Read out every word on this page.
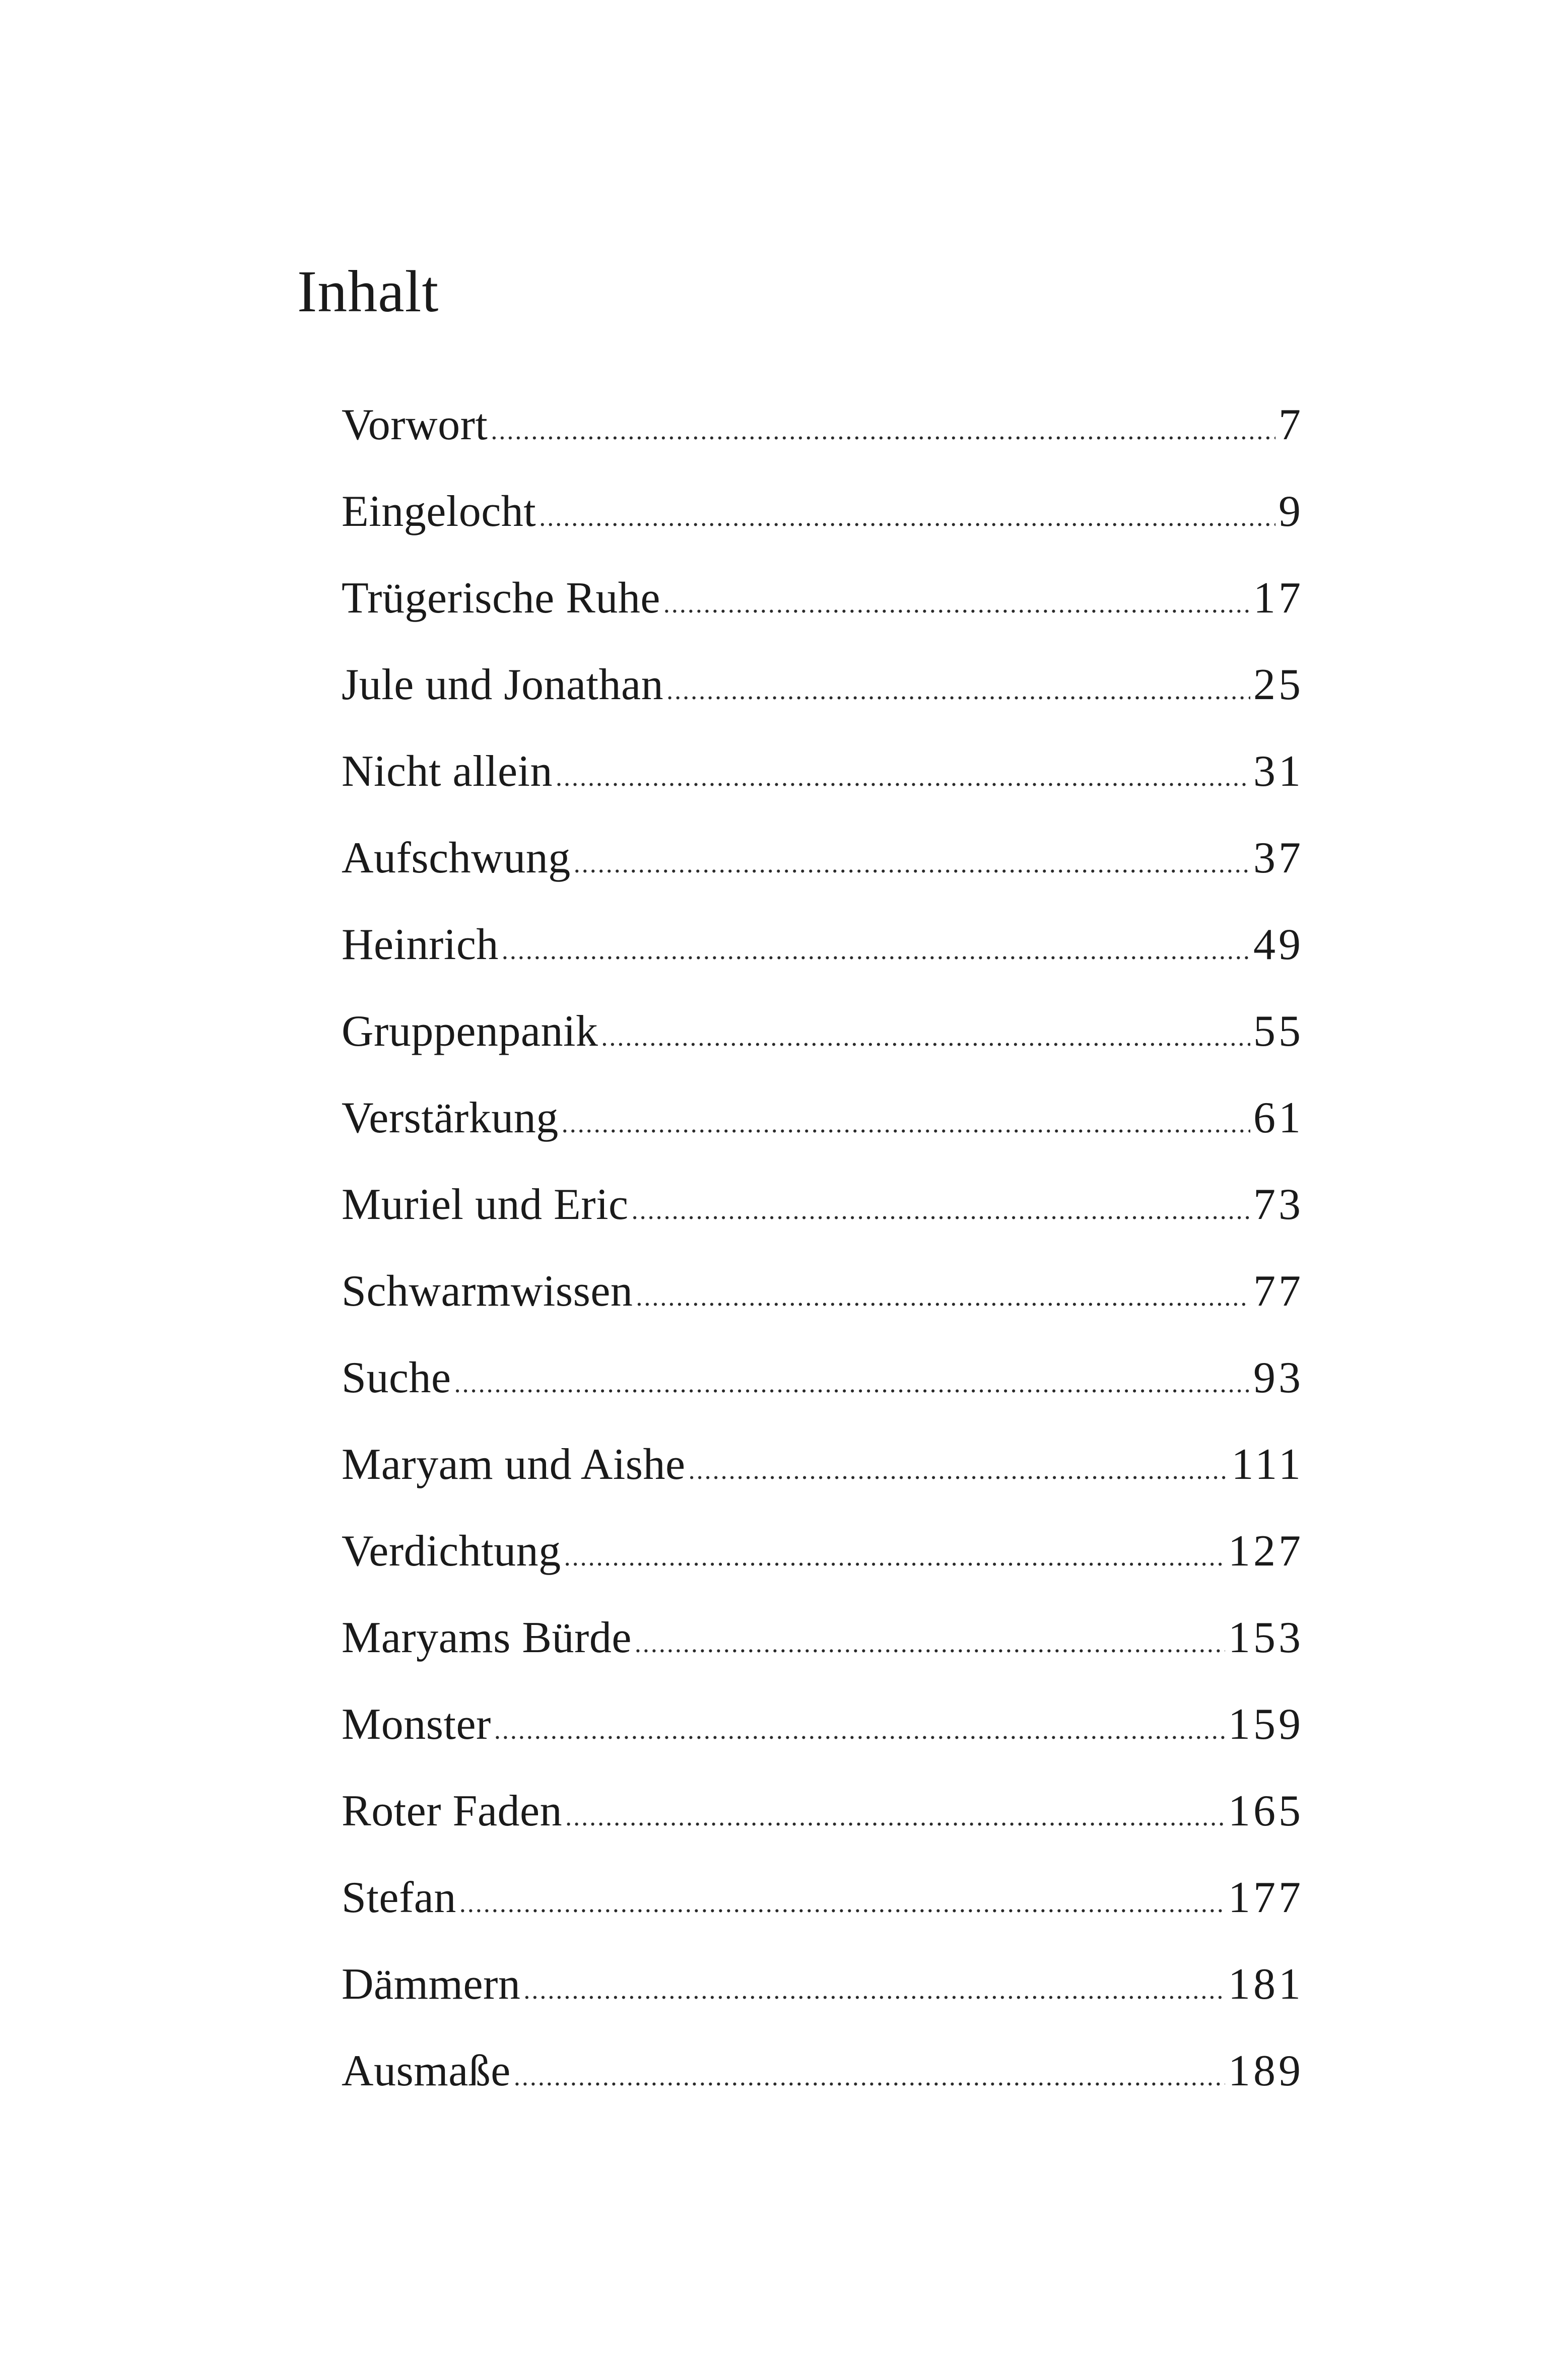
Inhalt
Vorwort .....	7
Eingelocht .....	9
Trügerische Ruhe .....	17
Jule und Jonathan .....	25
Nicht allein .....	31
Aufschwung .....	37
Heinrich .....	49
Gruppenpanik .....	55
Verstärkung .....	61
Muriel und Eric .....	73
Schwarmwissen .....	77
Suche .....	93
Maryam und Aishe .....	111
Verdichtung .....	127
Maryams Bürde .....	153
Monster .....	159
Roter Faden .....	165
Stefan .....	177
Dämmern .....	181
Ausmaße .....	189
